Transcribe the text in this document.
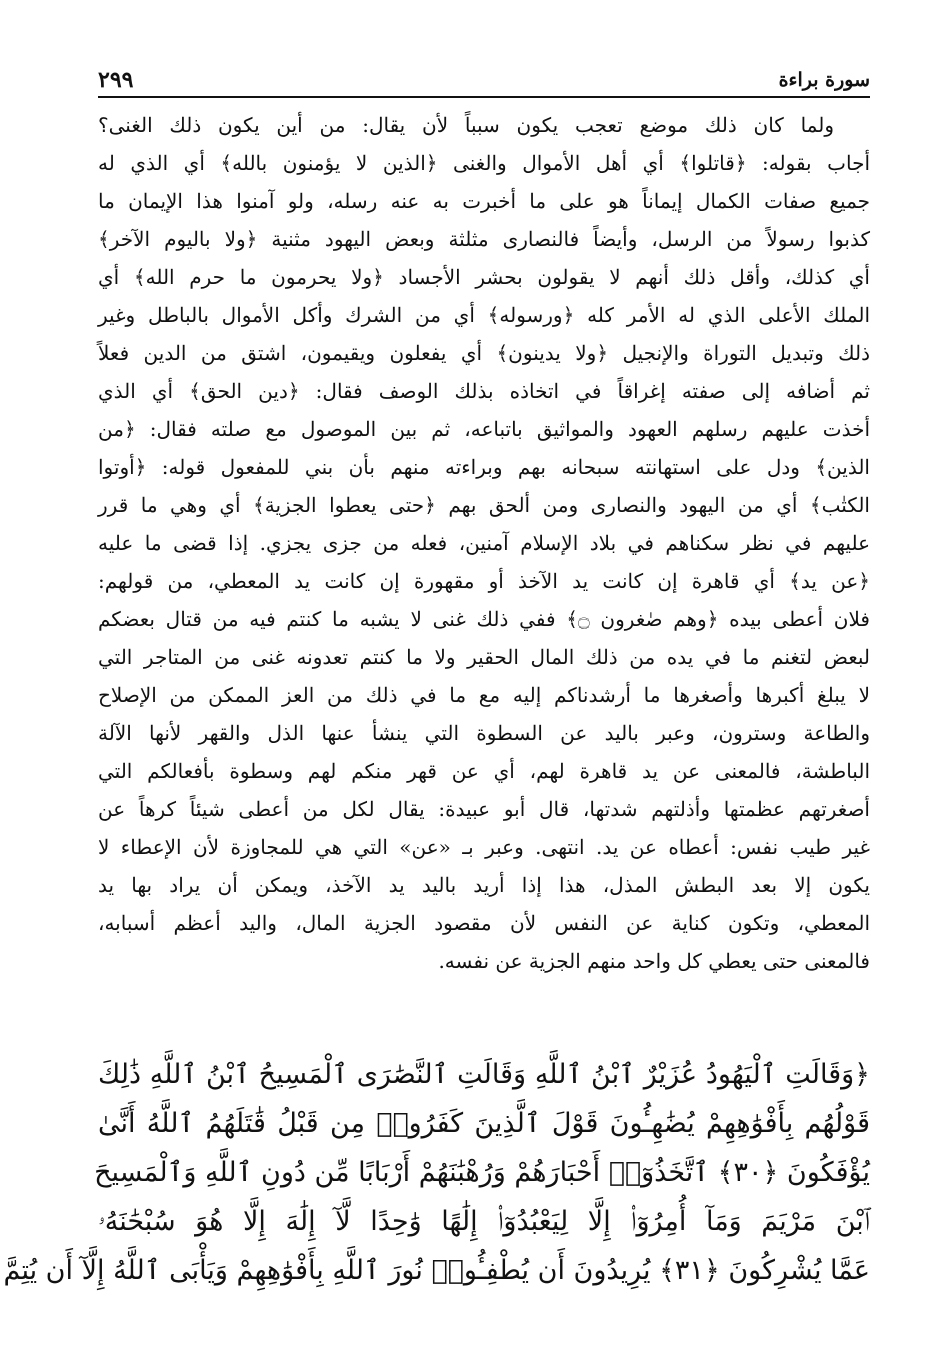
سورة براءة
٢٩٩
ولما كان ذلك موضع تعجب يكون سبباً لأن يقال: من أين يكون ذلك الغنى؟
أجاب بقوله: ﴿قاتلوا﴾ أي أهل الأموال والغنى ﴿الذين لا يؤمنون بالله﴾ أي الذي له
جميع صفات الكمال إيماناً هو على ما أخبرت به عنه رسله، ولو آمنوا هذا الإيمان ما
كذبوا رسولاً من الرسل، وأيضاً فالنصارى مثلثة وبعض اليهود مثنية ﴿ولا باليوم الآخر﴾
أي كذلك، وأقل ذلك أنهم لا يقولون بحشر الأجساد ﴿ولا يحرمون ما حرم الله﴾ أي
الملك الأعلى الذي له الأمر كله ﴿ورسوله﴾ أي من الشرك وأكل الأموال بالباطل وغير
ذلك وتبديل التوراة والإنجيل ﴿ولا يدينون﴾ أي يفعلون ويقيمون، اشتق من الدين فعلاً
ثم أضافه إلى صفته إغراقاً في اتخاذه بذلك الوصف فقال: ﴿دين الحق﴾ أي الذي
أخذت عليهم رسلهم العهود والمواثيق باتباعه، ثم بين الموصول مع صلته فقال: ﴿من
الذين﴾ ودل على استهانته سبحانه بهم وبراءته منهم بأن بني للمفعول قوله: ﴿أوتوا
الكتٰب﴾ أي من اليهود والنصارى ومن ألحق بهم ﴿حتى يعطوا الجزية﴾ أي وهي ما قرر
عليهم في نظر سكناهم في بلاد الإسلام آمنين، فعله من جزى يجزي. إذا قضى ما عليه
﴿عن يد﴾ أي قاهرة إن كانت يد الآخذ أو مقهورة إن كانت يد المعطي، من قولهم:
فلان أعطى بيده ﴿وهم صٰغرون ۝﴾ ففي ذلك غنى لا يشبه ما كنتم فيه من قتال بعضكم
لبعض لتغنم ما في يده من ذلك المال الحقير ولا ما كنتم تعدونه غنى من المتاجر التي
لا يبلغ أكبرها وأصغرها ما أرشدناكم إليه مع ما في ذلك من العز الممكن من الإصلاح
والطاعة وسترون، وعبر باليد عن السطوة التي ينشأ عنها الذل والقهر لأنها الآلة
الباطشة، فالمعنى عن يد قاهرة لهم، أي عن قهر منكم لهم وسطوة بأفعالكم التي
أصغرتهم عظمتها وأذلتهم شدتها، قال أبو عبيدة: يقال لكل من أعطى شيئاً كرهاً عن
غير طيب نفس: أعطاه عن يد. انتهى. وعبر بـ «عن» التي هي للمجاوزة لأن الإعطاء لا
يكون إلا بعد البطش المذل، هذا إذا أريد باليد يد الآخذ، ويمكن أن يراد بها يد
المعطي، وتكون كناية عن النفس لأن مقصود الجزية المال، واليد أعظم أسبابه،
فالمعنى حتى يعطي كل واحد منهم الجزية عن نفسه.
﴿وَقَالَتِ ٱلْيَهُودُ عُزَيْرٌ ٱبْنُ ٱللَّهِ وَقَالَتِ ٱلنَّصَٰرَى ٱلْمَسِيحُ ٱبْنُ ٱللَّهِ ذَٰلِكَ
قَوْلُهُم بِأَفْوَٰهِهِمْ يُضَٰهِـُٔونَ قَوْلَ ٱلَّذِينَ كَفَرُوا۟ مِن قَبْلُ قَٰتَلَهُمُ ٱللَّهُ أَنَّىٰ
يُؤْفَكُونَ ﴿٣٠﴾ ٱتَّخَذُوٓا۟ أَحْبَارَهُمْ وَرُهْبَٰنَهُمْ أَرْبَابًا مِّن دُونِ ٱللَّهِ وَٱلْمَسِيحَ
ٱبْنَ مَرْيَمَ وَمَآ أُمِرُوٓا۟ إِلَّا لِيَعْبُدُوٓا۟ إِلَٰهًا وَٰحِدًا لَّآ إِلَٰهَ إِلَّا هُوَ سُبْحَٰنَهُۥ
عَمَّا يُشْرِكُونَ ﴿٣١﴾ يُرِيدُونَ أَن يُطْفِـُٔوا۟ نُورَ ٱللَّهِ بِأَفْوَٰهِهِمْ وَيَأْبَى ٱللَّهُ إِلَّآ أَن يُتِمَّ
